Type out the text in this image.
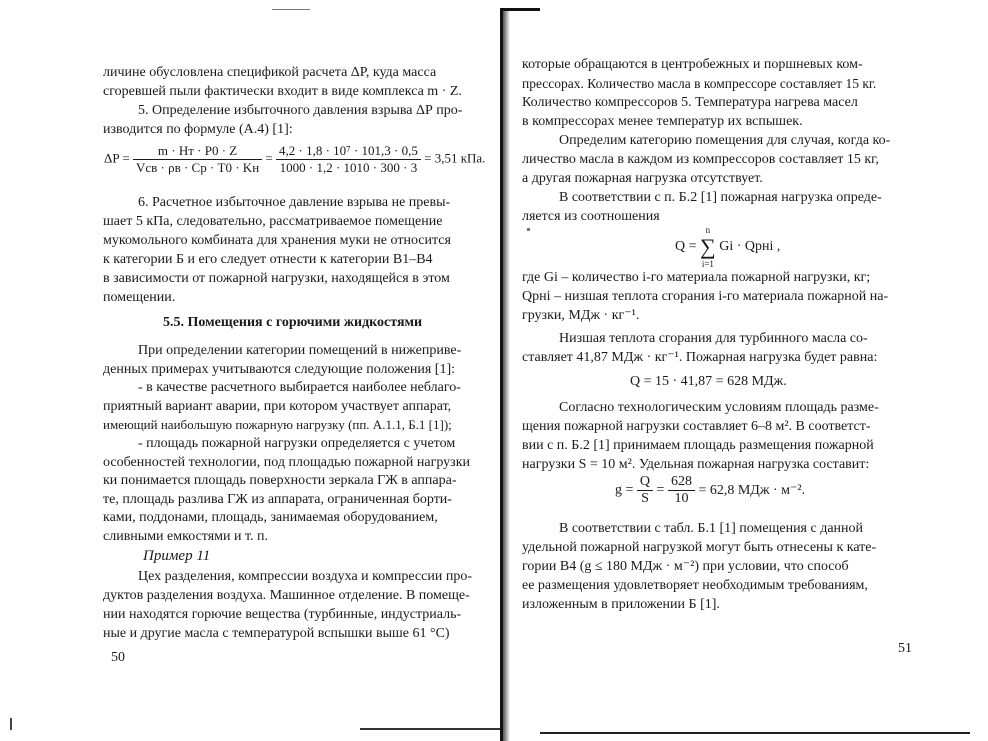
личине обусловлена спецификой расчета ΔР, куда масса
сгоревшей пыли фактически входит в виде комплекса m · Z.
5. Определение избыточного давления взрыва ΔР про-
изводится по формуле (А.4) [1]:
$\Delta P = \frac{m \cdot Hт \cdot P0 \cdot Z}{\text{Vсв · ρв · Cр · T0 · Kн}} = \frac{\text{4,2 · 1,8 · 10⁷ · 101,3 · 0,5}}{1000 \cdot 1,2 \cdot 1010 \cdot 300 \cdot 3} = 3,51$ кПа.
6. Расчетное избыточное давление взрыва не превы-
шает 5 кПа, следовательно, рассматриваемое помещение
мукомольного комбината для хранения муки не относится
к категории Б и его следует отнести к категории В1–В4
в зависимости от пожарной нагрузки, находящейся в этом
помещении.
5.5. Помещения с горючими жидкостями
При определении категории помещений в нижеприве-
денных примерах учитываются следующие положения [1]:
- в качестве расчетного выбирается наиболее неблаго-
приятный вариант аварии, при котором участвует аппарат,
имеющий наибольшую пожарную нагрузку (пп. А.1.1, Б.1 [1]);
- площадь пожарной нагрузки определяется с учетом
особенностей технологии, под площадью пожарной нагрузки
ки понимается площадь поверхности зеркала ГЖ в аппара-
те, площадь разлива ГЖ из аппарата, ограниченная борти-
ками, поддонами, площадь, занимаемая оборудованием,
сливными емкостями и т. п.
Пример 11
Цех разделения, компрессии воздуха и компрессии про-
дуктов разделения воздуха. Машинное отделение. В помеще-
нии находятся горючие вещества (турбинные, индустриаль-
ные и другие масла с температурой вспышки выше 61 °С)
50
которые обращаются в центробежных и поршневых ком-
прессорах. Количество масла в компрессоре составляет 15 кг.
Количество компрессоров 5. Температура нагрева масел
в компрессорах менее температур их вспышек.
Определим категорию помещения для случая, когда ко-
личество масла в каждом из компрессоров составляет 15 кг,
а другая пожарная нагрузка отсутствует.
В соответствии с п. Б.2 [1] пожарная нагрузка опреде-
ляется из соотношения
Q =
n
∑
i=1
Gi · Qрнi ,
где Gi – количество i-го материала пожарной нагрузки, кг;
Qрнi – низшая теплота сгорания i-го материала пожарной на-
грузки, МДж · кг⁻¹.
Низшая теплота сгорания для турбинного масла со-
ставляет 41,87 МДж · кг⁻¹. Пожарная нагрузка будет равна:
Q = 15 · 41,87 = 628 МДж.
Согласно технологическим условиям площадь разме-
щения пожарной нагрузки составляет 6–8 м². В соответст-
вии с п. Б.2 [1] принимаем площадь размещения пожарной
нагрузки S = 10 м². Удельная пожарная нагрузка составит:
$g = \frac{Q}{S} = \frac{628}{10} = 62,8$ МДж · м⁻².
В соответствии с табл. Б.1 [1] помещения с данной
удельной пожарной нагрузкой могут быть отнесены к кате-
гории В4 (g ≤ 180 МДж · м⁻²) при условии, что способ
ее размещения удовлетворяет необходимым требованиям,
изложенным в приложении Б [1].
51
